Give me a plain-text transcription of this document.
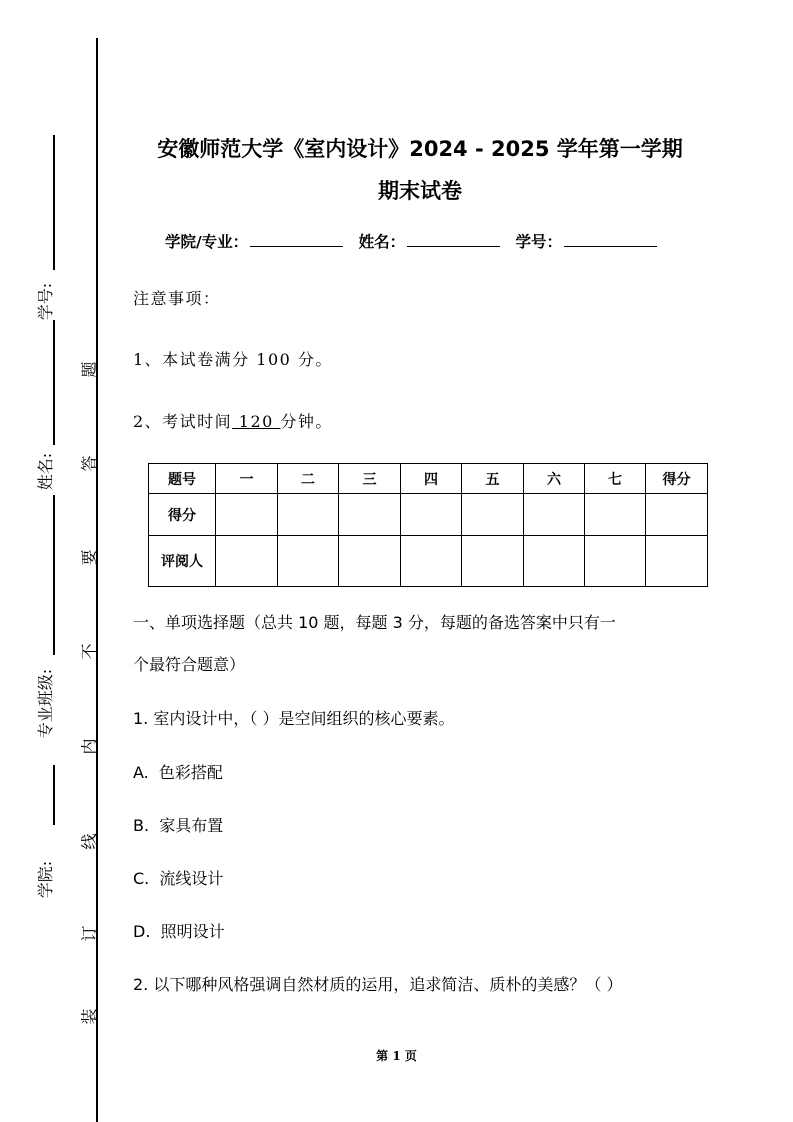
学号:
姓名:
专业班级:
学院:
题
答
要
不
内
线
订
装
安徽师范大学《室内设计》2024 - 2025 学年第一学期
期末试卷
学院/专业：	姓名：	学号：
注意事项：
1、本试卷满分 100 分。
2、考试时间 120 分钟。
题号	一	二	三	四	五	六	七	得分
得分								
评阅人								
一、单项选择题（总共 10 题，每题 3 分，每题的备选答案中只有一
个最符合题意）
1. 室内设计中，（ ）是空间组织的核心要素。
A.  色彩搭配
B.  家具布置
C.  流线设计
D.  照明设计
2. 以下哪种风格强调自然材质的运用，追求简洁、质朴的美感？（ ）
第 1 页
